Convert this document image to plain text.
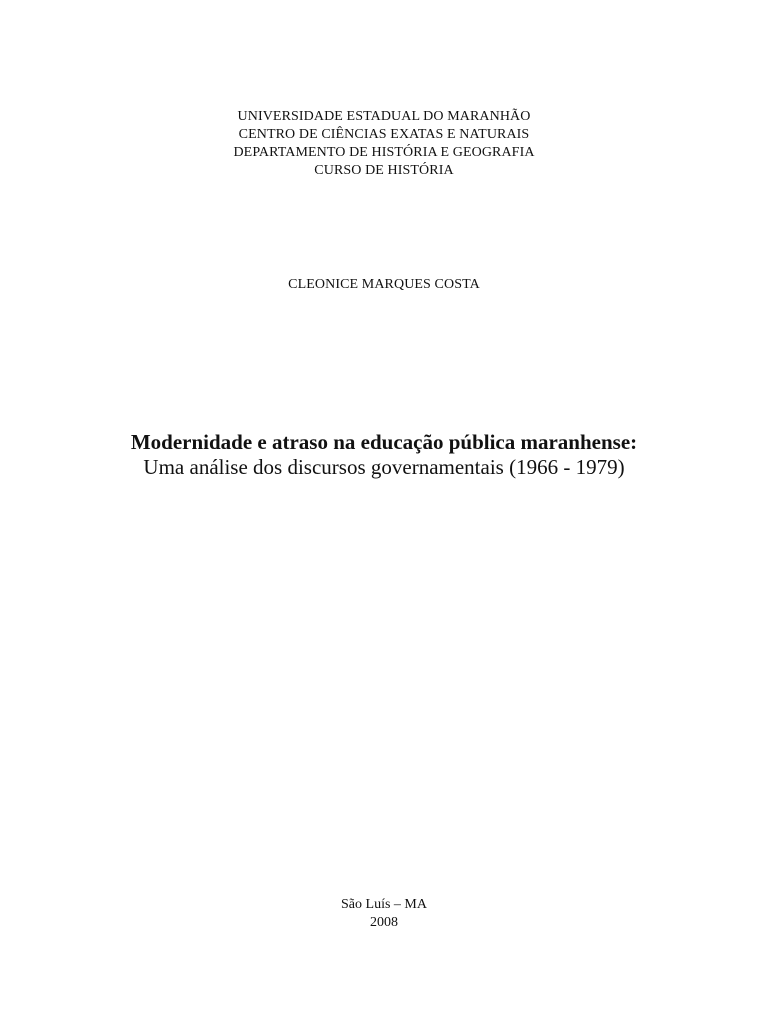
UNIVERSIDADE ESTADUAL DO MARANHÃO
CENTRO DE CIÊNCIAS EXATAS E NATURAIS
DEPARTAMENTO DE HISTÓRIA E GEOGRAFIA
CURSO DE HISTÓRIA
CLEONICE MARQUES COSTA
Modernidade e atraso na educação pública maranhense:
Uma análise dos discursos governamentais (1966 - 1979)
São Luís – MA
2008
